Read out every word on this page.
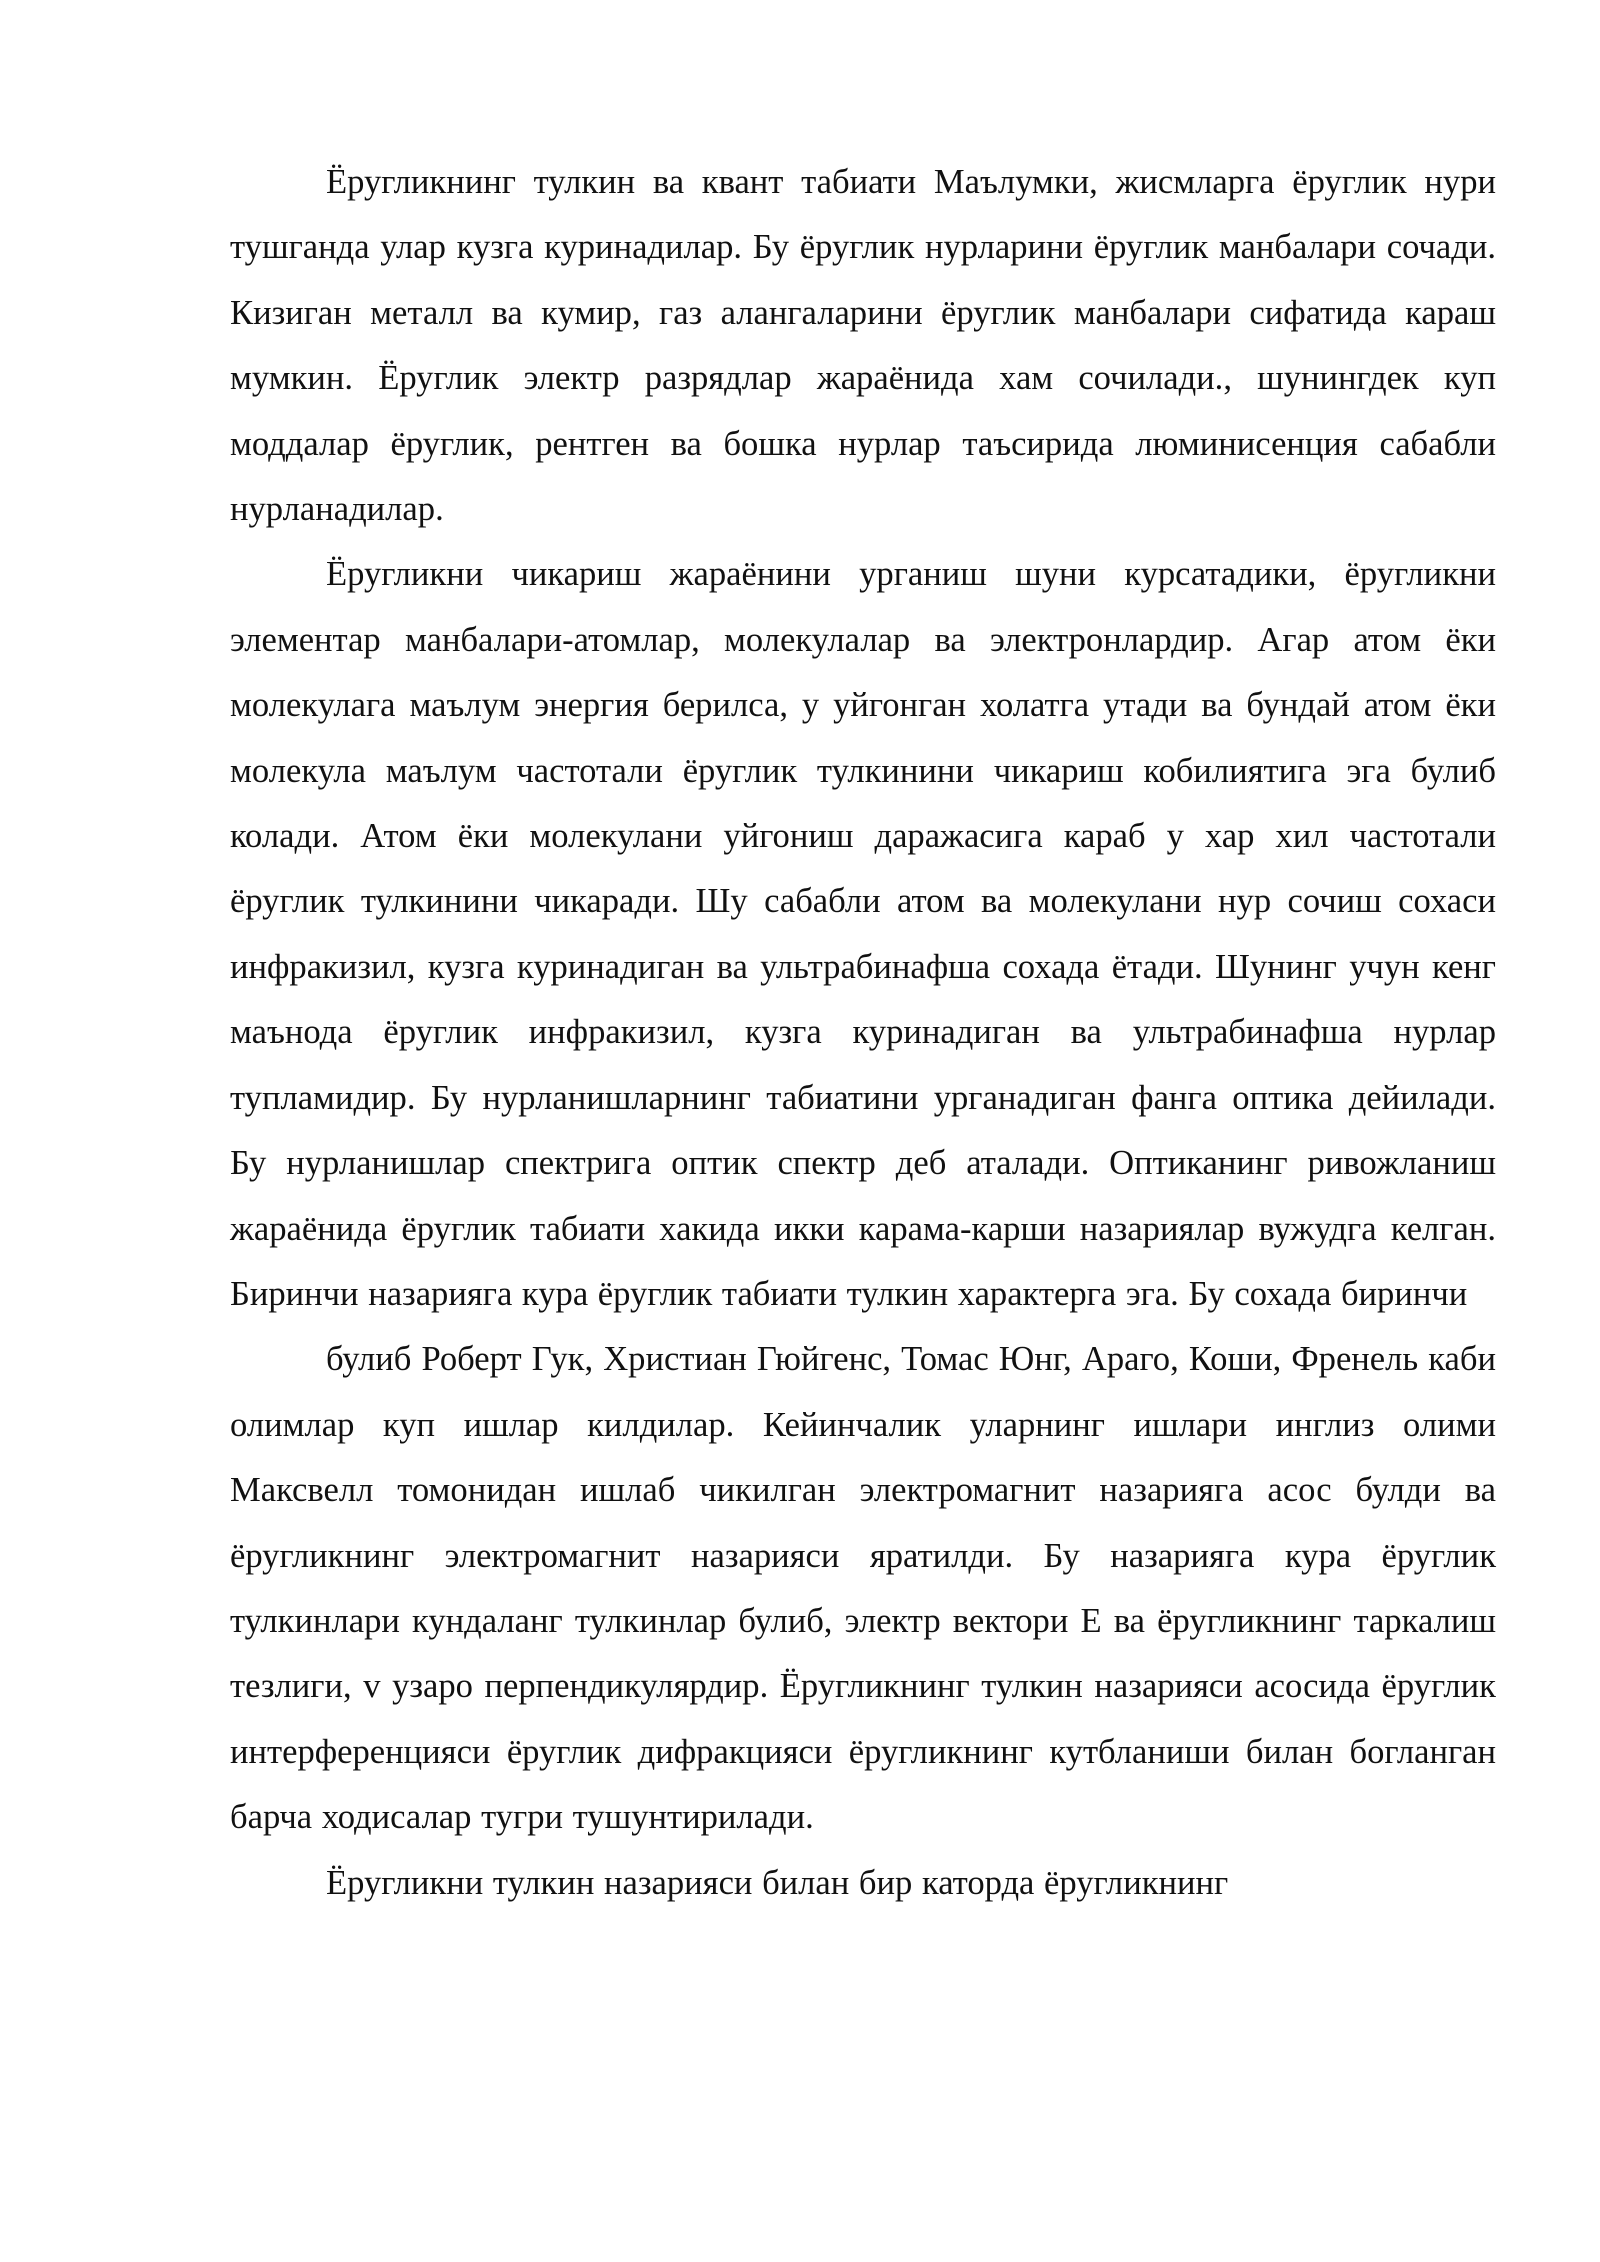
Ёругликнинг тулкин ва квант табиати Маълумки, жисмларга ёруглик нури тушганда улар кузга куринадилар. Бу ёруглик нурларини ёруглик манбалари сочади. Кизиган металл ва кумир, газ алангаларини ёруглик манбалари сифатида караш мумкин. Ёруглик электр разрядлар жараёнида хам сочилади., шунингдек куп моддалар ёруглик, рентген ва бошка нурлар таъсирида люминисенция сабабли нурланадилар.

Ёругликни чикариш жараёнини урганиш шуни курсатадики, ёругликни элементар манбалари-атомлар, молекулалар ва электронлардир. Агар атом ёки молекулага маълум энергия берилса, у уйгонган холатга утади ва бундай атом ёки молекула маълум частотали ёруглик тулкинини чикариш кобилиятига эга булиб колади. Атом ёки молекулани уйгониш даражасига караб у хар хил частотали ёруглик тулкинини чикаради. Шу сабабли атом ва молекулани нур сочиш сохаси инфракизил, кузга куринадиган ва ультрабинафша сохада ётади. Шунинг учун кенг маънода ёруглик инфракизил, кузга куринадиган ва ультрабинафша нурлар тупламидир. Бу нурланишларнинг табиатини урганадиган фанга оптика дейилади. Бу нурланишлар спектрига оптик спектр деб аталади. Оптиканинг ривожланиш жараёнида ёруглик табиати хакида икки карама-карши назариялар вужудга келган. Биринчи назарияга кура ёруглик табиати тулкин характерга эга. Бу сохада биринчи

булиб Роберт Гук, Христиан Гюйгенс, Томас Юнг, Араго, Коши, Френель каби олимлар куп ишлар килдилар. Кейинчалик уларнинг ишлари инглиз олими Максвелл томонидан ишлаб чикилган электромагнит назарияга асос булди ва ёругликнинг электромагнит назарияси яратилди. Бу назарияга кура ёруглик тулкинлари кундаланг тулкинлар булиб, электр вектори Е ва ёругликнинг таркалиш тезлиги, v узаро перпендикулярдир. Ёругликнинг тулкин назарияси асосида ёруглик интерференцияси ёруглик дифракцияси ёругликнинг кутбланиши билан богланган барча ходисалар тугри тушунтирилади.

Ёругликни тулкин назарияси билан бир каторда ёругликнинг
